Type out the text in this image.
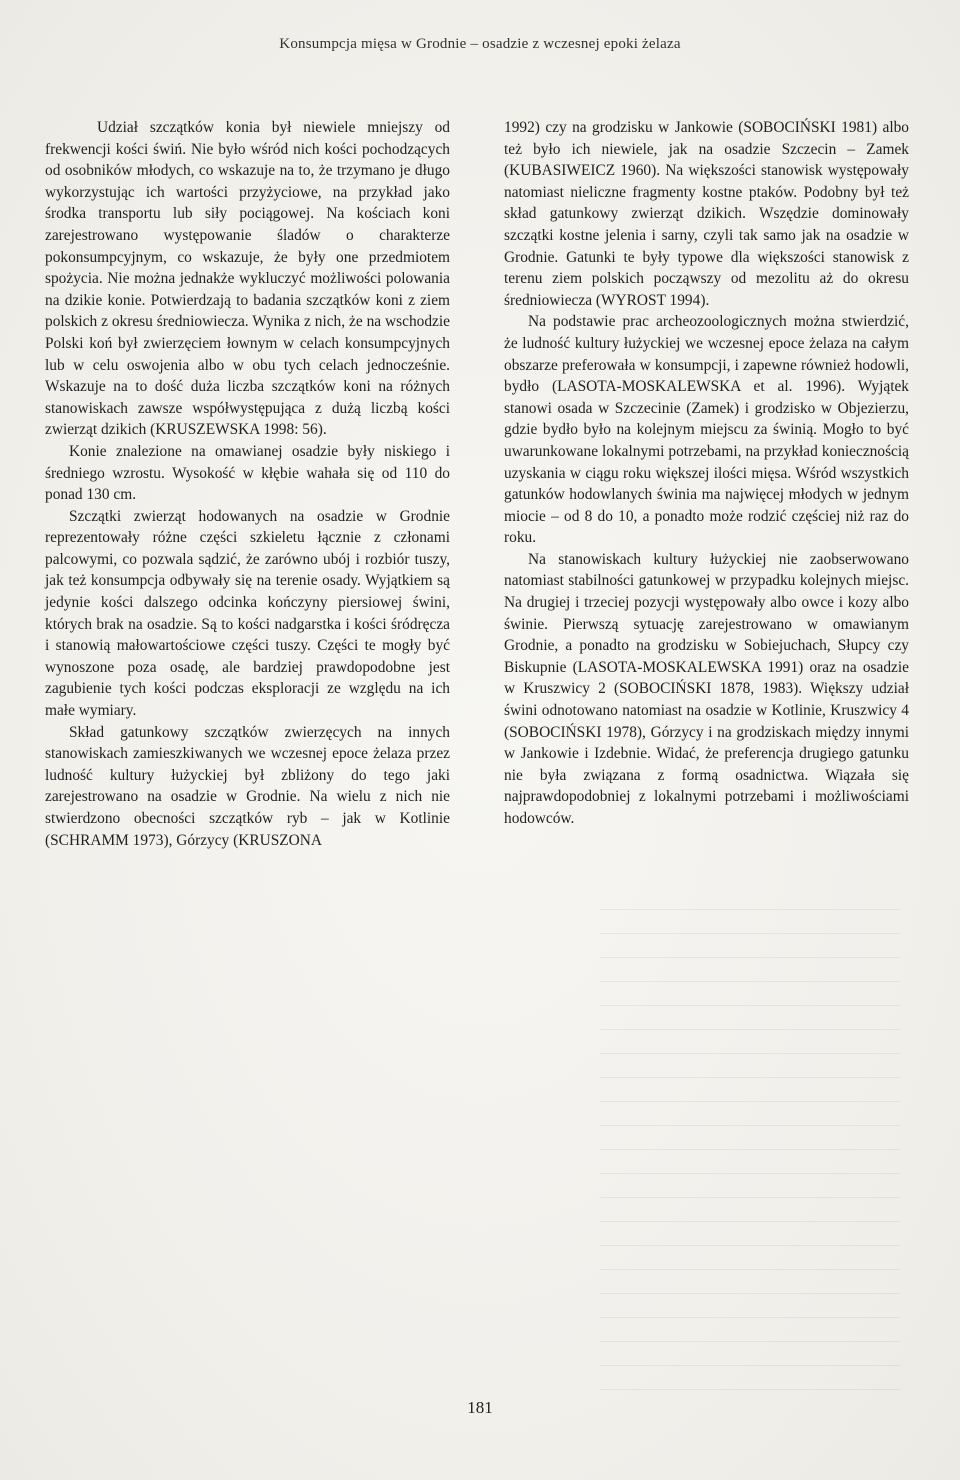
Konsumpcja mięsa w Grodnie – osadzie z wczesnej epoki żelaza

Udział szczątków konia był niewiele mniejszy od frekwencji kości świń. Nie było wśród nich kości pochodzących od osobników młodych, co wskazuje na to, że trzymano je długo wykorzystując ich wartości przyżyciowe, na przykład jako środka transportu lub siły pociągowej. Na kościach koni zarejestrowano występowanie śladów o charakterze pokonsumpcyjnym, co wskazuje, że były one przedmiotem spożycia. Nie można jednakże wykluczyć możliwości polowania na dzikie konie. Potwierdzają to badania szczątków koni z ziem polskich z okresu średniowiecza. Wynika z nich, że na wschodzie Polski koń był zwierzęciem łownym w celach konsumpcyjnych lub w celu oswojenia albo w obu tych celach jednocześnie. Wskazuje na to dość duża liczba szczątków koni na różnych stanowiskach zawsze współwystępująca z dużą liczbą kości zwierząt dzikich (KRUSZEWSKA 1998: 56).

Konie znalezione na omawianej osadzie były niskiego i średniego wzrostu. Wysokość w kłębie wahała się od 110 do ponad 130 cm.

Szczątki zwierząt hodowanych na osadzie w Grodnie reprezentowały różne części szkieletu łącznie z członami palcowymi, co pozwala sądzić, że zarówno ubój i rozbiór tuszy, jak też konsumpcja odbywały się na terenie osady. Wyjątkiem są jedynie kości dalszego odcinka kończyny piersiowej świni, których brak na osadzie. Są to kości nadgarstka i kości śródręcza i stanowią małowartościowe części tuszy. Części te mogły być wynoszone poza osadę, ale bardziej prawdopodobne jest zagubienie tych kości podczas eksploracji ze względu na ich małe wymiary.

Skład gatunkowy szczątków zwierzęcych na innych stanowiskach zamieszkiwanych we wczesnej epoce żelaza przez ludność kultury łużyckiej był zbliżony do tego jaki zarejestrowano na osadzie w Grodnie. Na wielu z nich nie stwierdzono obecności szczątków ryb – jak w Kotlinie (SCHRAMM 1973), Górzycy (KRUSZONA

1992) czy na grodzisku w Jankowie (SOBOCIŃSKI 1981) albo też było ich niewiele, jak na osadzie Szczecin – Zamek (KUBASIWEICZ 1960). Na większości stanowisk występowały natomiast nieliczne fragmenty kostne ptaków. Podobny był też skład gatunkowy zwierząt dzikich. Wszędzie dominowały szczątki kostne jelenia i sarny, czyli tak samo jak na osadzie w Grodnie. Gatunki te były typowe dla większości stanowisk z terenu ziem polskich począwszy od mezolitu aż do okresu średniowiecza (WYROST 1994).

Na podstawie prac archeozoologicznych można stwierdzić, że ludność kultury łużyckiej we wczesnej epoce żelaza na całym obszarze preferowała w konsumpcji, i zapewne również hodowli, bydło (LASOTA-MOSKALEWSKA et al. 1996). Wyjątek stanowi osada w Szczecinie (Zamek) i grodzisko w Objezierzu, gdzie bydło było na kolejnym miejscu za świnią. Mogło to być uwarunkowane lokalnymi potrzebami, na przykład koniecznością uzyskania w ciągu roku większej ilości mięsa. Wśród wszystkich gatunków hodowlanych świnia ma najwięcej młodych w jednym miocie – od 8 do 10, a ponadto może rodzić częściej niż raz do roku.

Na stanowiskach kultury łużyckiej nie zaobserwowano natomiast stabilności gatunkowej w przypadku kolejnych miejsc. Na drugiej i trzeciej pozycji występowały albo owce i kozy albo świnie. Pierwszą sytuację zarejestrowano w omawianym Grodnie, a ponadto na grodzisku w Sobiejuchach, Słupcy czy Biskupnie (LASOTA-MOSKALEWSKA 1991) oraz na osadzie w Kruszwicy 2 (SOBOCIŃSKI 1878, 1983). Większy udział świni odnotowano natomiast na osadzie w Kotlinie, Kruszwicy 4 (SOBOCIŃSKI 1978), Górzycy i na grodziskach między innymi w Jankowie i Izdebnie. Widać, że preferencja drugiego gatunku nie była związana z formą osadnictwa. Wiązała się najprawdopodobniej z lokalnymi potrzebami i możliwościami hodowców.

181
